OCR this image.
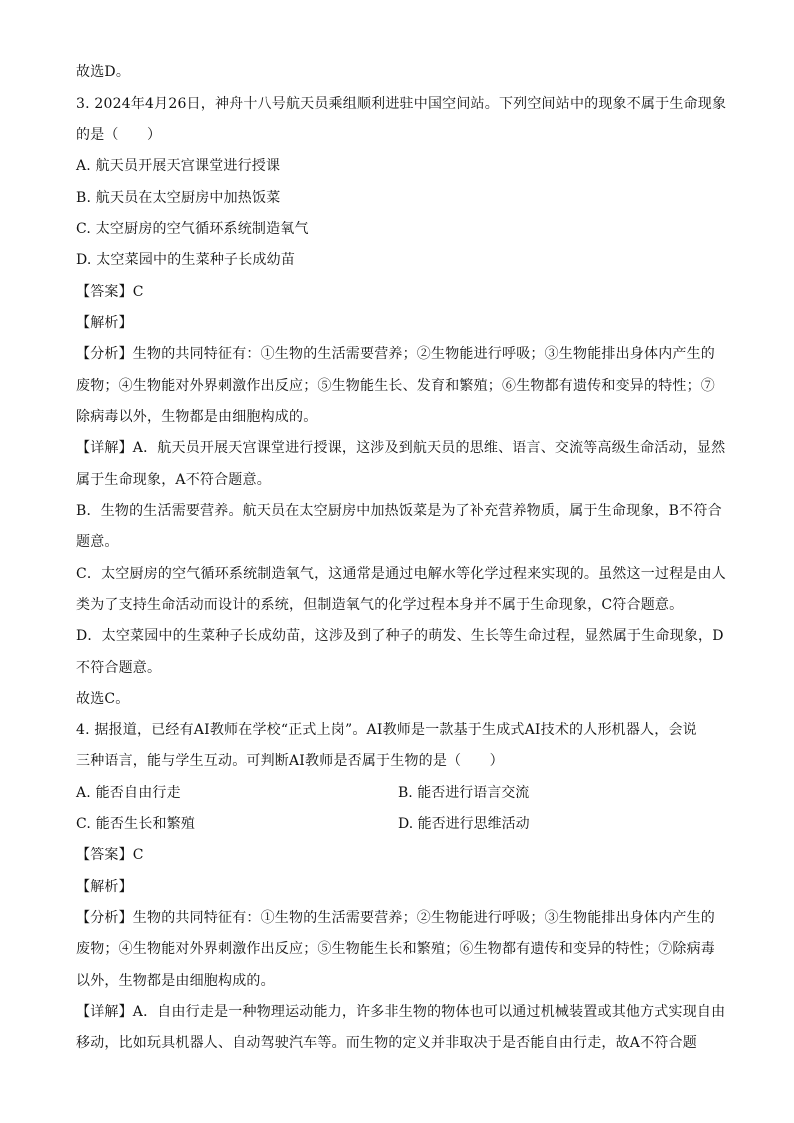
故选D。
3. 2024年4月26日，神舟十八号航天员乘组顺利进驻中国空间站。下列空间站中的现象不属于生命现象
的是（　　）
A. 航天员开展天宫课堂进行授课
B. 航天员在太空厨房中加热饭菜
C. 太空厨房的空气循环系统制造氧气
D. 太空菜园中的生菜种子长成幼苗
【答案】C
【解析】
【分析】生物的共同特征有：①生物的生活需要营养；②生物能进行呼吸；③生物能排出身体内产生的
废物；④生物能对外界刺激作出反应；⑤生物能生长、发育和繁殖；⑥生物都有遗传和变异的特性；⑦
除病毒以外，生物都是由细胞构成的。
【详解】A．航天员开展天宫课堂进行授课，这涉及到航天员的思维、语言、交流等高级生命活动，显然
属于生命现象，A不符合题意。
B．生物的生活需要营养。航天员在太空厨房中加热饭菜是为了补充营养物质，属于生命现象，B不符合
题意。
C．太空厨房的空气循环系统制造氧气，这通常是通过电解水等化学过程来实现的。虽然这一过程是由人
类为了支持生命活动而设计的系统，但制造氧气的化学过程本身并不属于生命现象，C符合题意。
D．太空菜园中的生菜种子长成幼苗，这涉及到了种子的萌发、生长等生命过程，显然属于生命现象，D
不符合题意。
故选C。
4. 据报道，已经有AI教师在学校“正式上岗”。AI教师是一款基于生成式AI技术的人形机器人，会说
三种语言，能与学生互动。可判断AI教师是否属于生物的是（　　）
A. 能否自由行走	B. 能否进行语言交流
C. 能否生长和繁殖	D. 能否进行思维活动
【答案】C
【解析】
【分析】生物的共同特征有：①生物的生活需要营养；②生物能进行呼吸；③生物能排出身体内产生的
废物；④生物能对外界刺激作出反应；⑤生物能生长和繁殖；⑥生物都有遗传和变异的特性；⑦除病毒
以外，生物都是由细胞构成的。
【详解】A．自由行走是一种物理运动能力，许多非生物的物体也可以通过机械装置或其他方式实现自由
移动，比如玩具机器人、自动驾驶汽车等。而生物的定义并非取决于是否能自由行走，故A不符合题
